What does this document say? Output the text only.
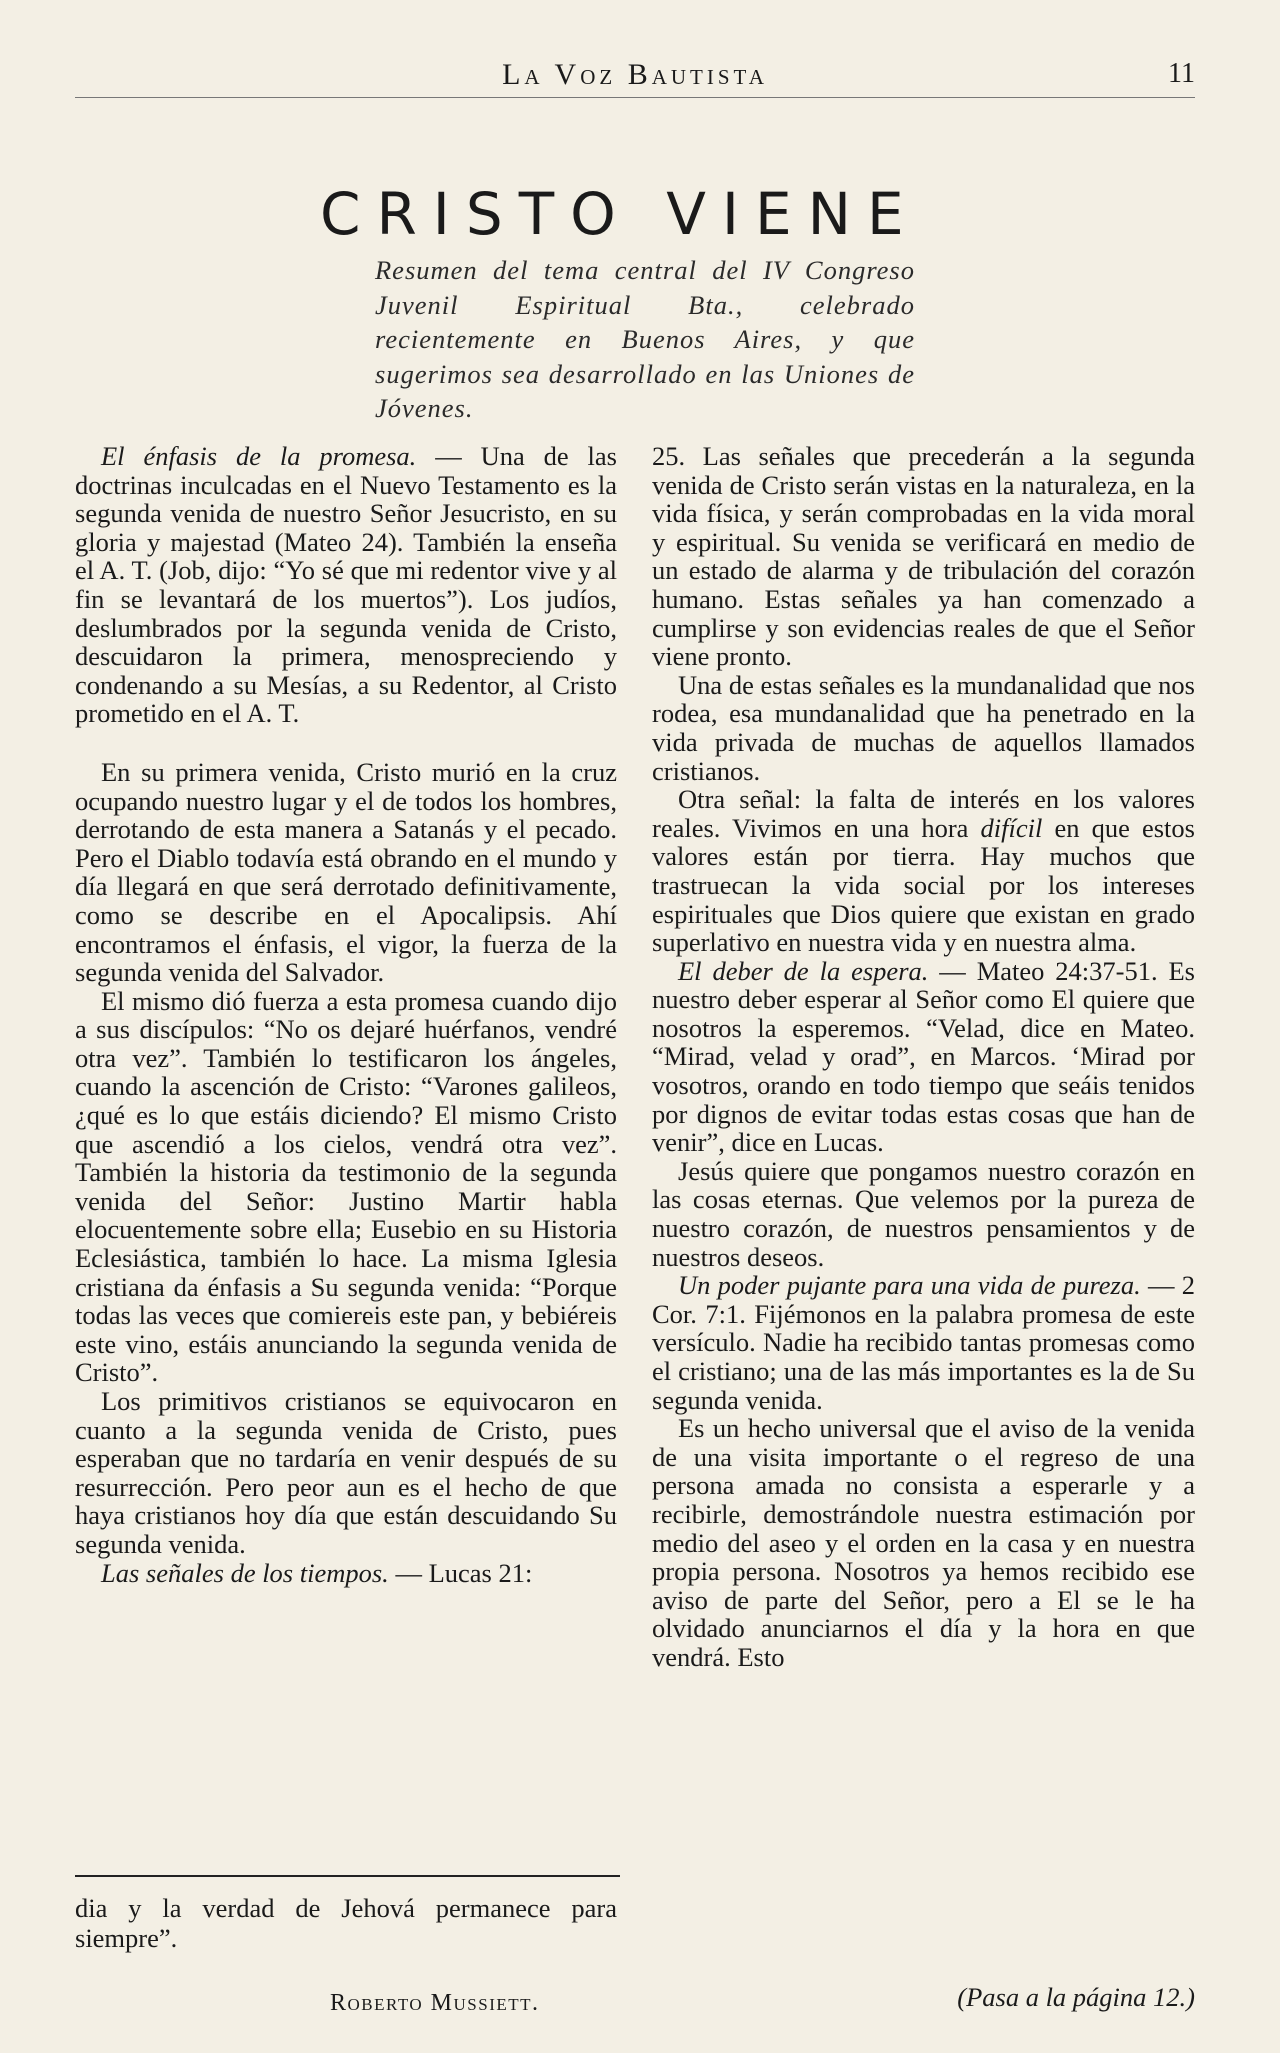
La Voz Bautista	11
CRISTO VIENE
Resumen del tema central del IV Congreso Juvenil Espiritual Bta., celebrado recientemente en Buenos Aires, y que sugerimos sea desarrollado en las Uniones de Jóvenes.

El énfasis de la promesa. — Una de las doctrinas inculcadas en el Nuevo Testamento es la segunda venida de nuestro Señor Jesucristo, en su gloria y majestad (Mateo 24). También la enseña el A. T. (Job, dijo: “Yo sé que mi redentor vive y al fin se levantará de los muertos”). Los judíos, deslumbrados por la segunda venida de Cristo, descuidaron la primera, menospreciendo y condenando a su Mesías, a su Redentor, al Cristo prometido en el A. T.

En su primera venida, Cristo murió en la cruz ocupando nuestro lugar y el de todos los hombres, derrotando de esta manera a Satanás y el pecado. Pero el Diablo todavía está obrando en el mundo y día llegará en que será derrotado definitivamente, como se describe en el Apocalipsis. Ahí encontramos el énfasis, el vigor, la fuerza de la segunda venida del Salvador.

El mismo dió fuerza a esta promesa cuando dijo a sus discípulos: “No os dejaré huérfanos, vendré otra vez”. También lo testificaron los ángeles, cuando la ascención de Cristo: “Varones galileos, ¿qué es lo que estáis diciendo? El mismo Cristo que ascendió a los cielos, vendrá otra vez”. También la historia da testimonio de la segunda venida del Señor: Justino Martir habla elocuentemente sobre ella; Eusebio en su Historia Eclesiástica, también lo hace. La misma Iglesia cristiana da énfasis a Su segunda venida: “Porque todas las veces que comiereis este pan, y bebiéreis este vino, estáis anunciando la segunda venida de Cristo”.

Los primitivos cristianos se equivocaron en cuanto a la segunda venida de Cristo, pues esperaban que no tardaría en venir después de su resurrección. Pero peor aun es el hecho de que haya cristianos hoy día que están descuidando Su segunda venida.

Las señales de los tiempos. — Lucas 21:

25. Las señales que precederán a la segunda venida de Cristo serán vistas en la naturaleza, en la vida física, y serán comprobadas en la vida moral y espiritual. Su venida se verificará en medio de un estado de alarma y de tribulación del corazón humano. Estas señales ya han comenzado a cumplirse y son evidencias reales de que el Señor viene pronto.

Una de estas señales es la mundanalidad que nos rodea, esa mundanalidad que ha penetrado en la vida privada de muchas de aquellos llamados cristianos.

Otra señal: la falta de interés en los valores reales. Vivimos en una hora difícil en que estos valores están por tierra. Hay muchos que trastruecan la vida social por los intereses espirituales que Dios quiere que existan en grado superlativo en nuestra vida y en nuestra alma.

El deber de la espera. — Mateo 24:37-51. Es nuestro deber esperar al Señor como El quiere que nosotros la esperemos. “Velad, dice en Mateo. “Mirad, velad y orad”, en Marcos. ‘Mirad por vosotros, orando en todo tiempo que seáis tenidos por dignos de evitar todas estas cosas que han de venir”, dice en Lucas.

Jesús quiere que pongamos nuestro corazón en las cosas eternas. Que velemos por la pureza de nuestro corazón, de nuestros pensamientos y de nuestros deseos.

Un poder pujante para una vida de pureza. — 2 Cor. 7:1. Fijémonos en la palabra promesa de este versículo. Nadie ha recibido tantas promesas como el cristiano; una de las más importantes es la de Su segunda venida.

Es un hecho universal que el aviso de la venida de una visita importante o el regreso de una persona amada no consista a esperarle y a recibirle, demostrándole nuestra estimación por medio del aseo y el orden en la casa y en nuestra propia persona. Nosotros ya hemos recibido ese aviso de parte del Señor, pero a El se le ha olvidado anunciarnos el día y la hora en que vendrá. Esto

dia y la verdad de Jehová permanece para siempre”.
Roberto Mussiett.	(Pasa a la página 12.)
